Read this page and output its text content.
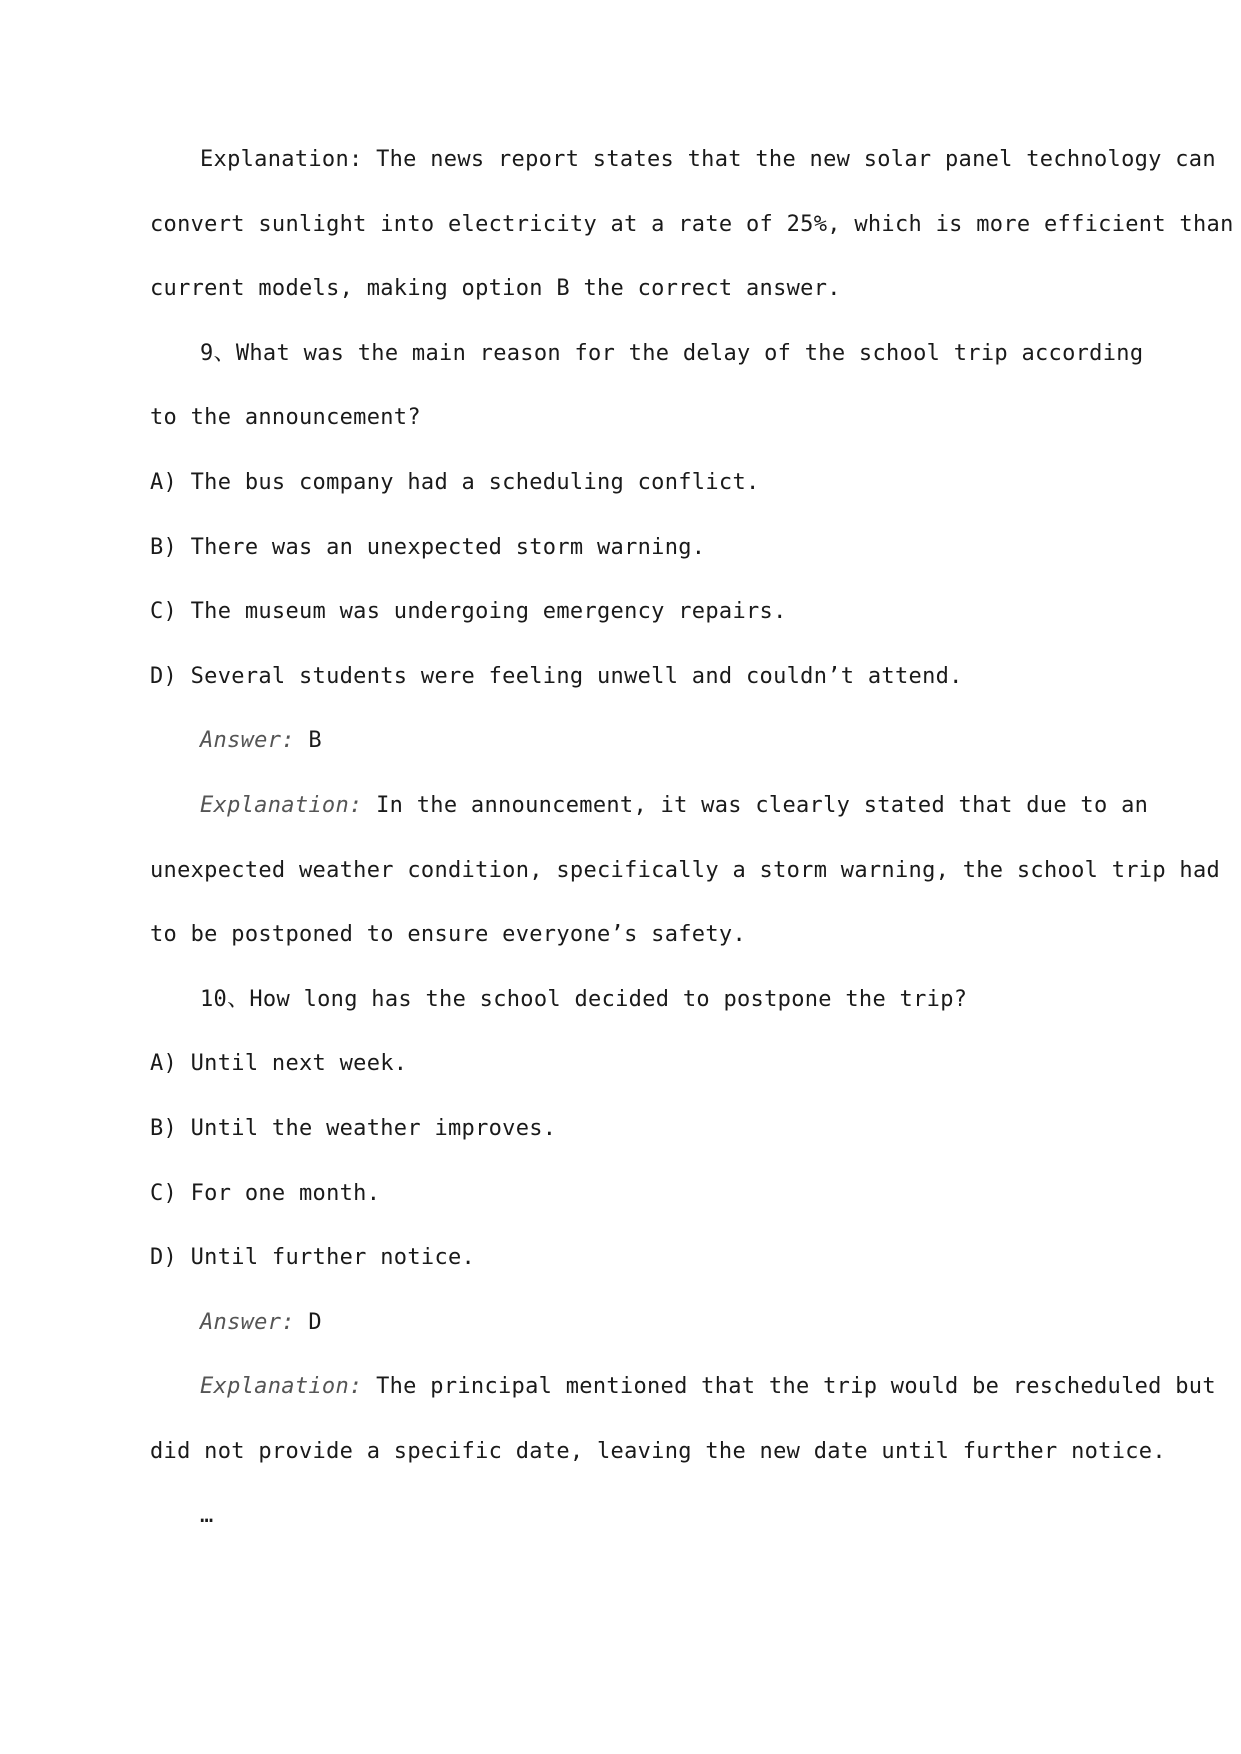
Explanation: The news report states that the new solar panel technology can
convert sunlight into electricity at a rate of 25%, which is more efficient than
current models, making option B the correct answer.
9、What was the main reason for the delay of the school trip according
to the announcement?
A) The bus company had a scheduling conflict.
B) There was an unexpected storm warning.
C) The museum was undergoing emergency repairs.
D) Several students were feeling unwell and couldn’t attend.
Answer: B
Explanation: In the announcement, it was clearly stated that due to an
unexpected weather condition, specifically a storm warning, the school trip had
to be postponed to ensure everyone’s safety.
10、How long has the school decided to postpone the trip?
A) Until next week.
B) Until the weather improves.
C) For one month.
D) Until further notice.
Answer: D
Explanation: The principal mentioned that the trip would be rescheduled but
did not provide a specific date, leaving the new date until further notice.
…
